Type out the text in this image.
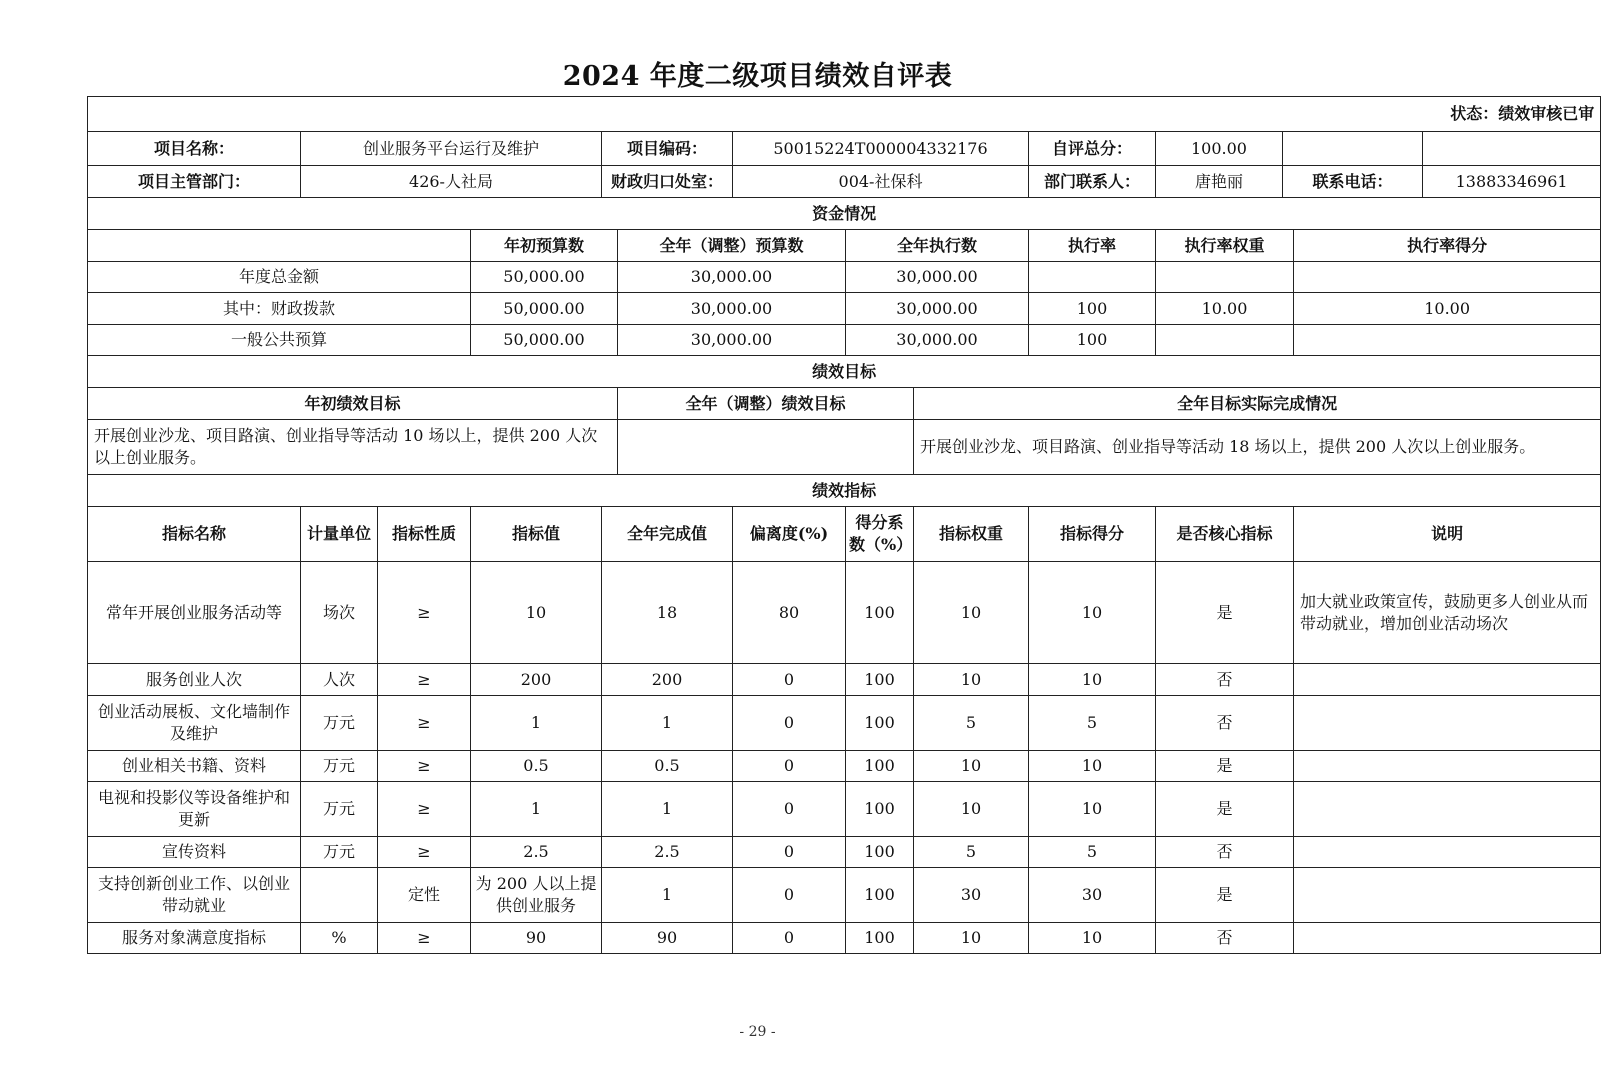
2024 年度二级项目绩效自评表
状态：绩效审核已审													
项目名称：	创业服务平台运行及维护			项目编码：		50015224T000004332176			自评总分：	100.00			
项目主管部门：	426-人社局			财政归口处室：		004-社保科			部门联系人：	唐艳丽	联系电话：		13883346961
资金情况													
			年初预算数		全年（调整）预算数		全年执行数		执行率	执行率权重		执行率得分	
年度总金额			50,000.00		30,000.00		30,000.00						
其中：财政拨款			50,000.00		30,000.00		30,000.00		100	10.00		10.00	
一般公共预算			50,000.00		30,000.00		30,000.00		100				
绩效目标													
年初绩效目标					全年（调整）绩效目标			全年目标实际完成情况					
开展创业沙龙、项目路演、创业指导等活动 10 场以上，提供 200 人次以上创业服务。								开展创业沙龙、项目路演、创业指导等活动 18 场以上，提供 200 人次以上创业服务。					
绩效指标													
指标名称	计量单位	指标性质	指标值	全年完成值		偏离度(%)	得分系数（%）	指标权重	指标得分	是否核心指标		说明	
常年开展创业服务活动等	场次	≥	10	18		80	100	10	10	是		加大就业政策宣传，鼓励更多人创业从而带动就业，增加创业活动场次	
服务创业人次	人次	≥	200	200		0	100	10	10	否			
创业活动展板、文化墙制作及维护	万元	≥	1	1		0	100	5	5	否			
创业相关书籍、资料	万元	≥	0.5	0.5		0	100	10	10	是			
电视和投影仪等设备维护和更新	万元	≥	1	1		0	100	10	10	是			
宣传资料	万元	≥	2.5	2.5		0	100	5	5	否			
支持创新创业工作、以创业带动就业		定性	为 200 人以上提供创业服务	1		0	100	30	30	是			
服务对象满意度指标	%	≥	90	90		0	100	10	10	否			
- 29 -
